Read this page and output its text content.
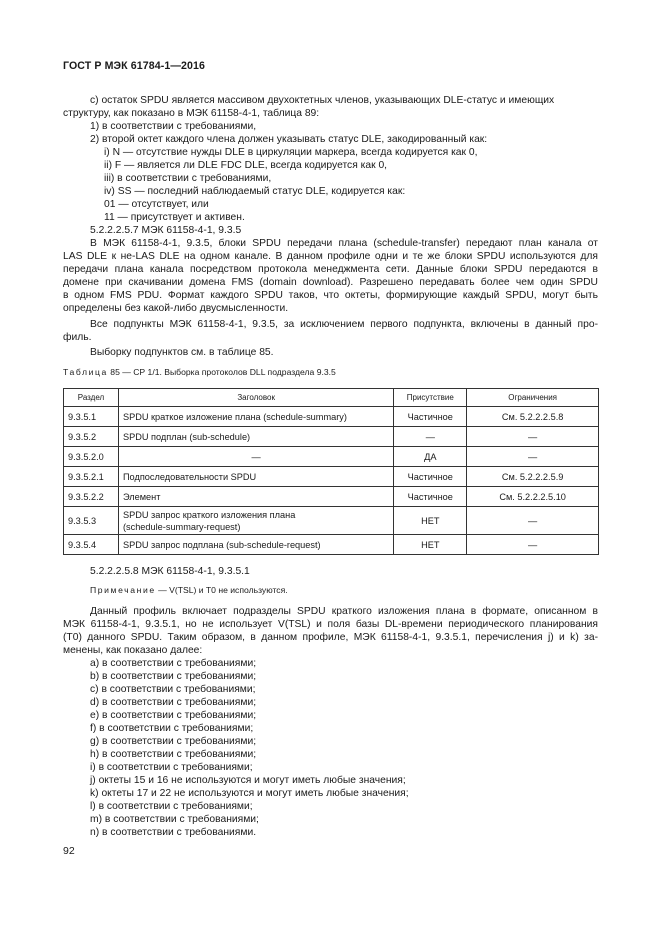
ГОСТ Р МЭК 61784-1—2016
с) остаток SPDU является массивом двухоктетных членов, указывающих DLE-статус и имеющих
структуру, как показано в МЭК 61158-4-1, таблица 89:
1) в соответствии с требованиями,
2) второй октет каждого члена должен указывать статус DLE, закодированный как:
i) N — отсутствие нужды DLE в циркуляции маркера, всегда кодируется как 0,
ii) F — является ли DLE FDC DLE, всегда кодируется как 0,
iii) в соответствии с требованиями,
iv) SS — последний наблюдаемый статус DLE, кодируется как:
01 — отсутствует, или
11 — присутствует и активен.
5.2.2.2.5.7 МЭК 61158-4-1, 9.3.5
В МЭК 61158-4-1, 9.3.5, блоки SPDU передачи плана (schedule-transfer) передают план канала от
LAS DLE к не-LAS DLE на одном канале. В данном профиле одни и те же блоки SPDU используются для
передачи плана канала посредством протокола менеджмента сети. Данные блоки SPDU передаются в
домене при скачивании домена FMS (domain download). Разрешено передавать более чем один SPDU
в одном FMS PDU. Формат каждого SPDU таков, что октеты, формирующие каждый SPDU, могут быть
определены без какой-либо двусмысленности.
Все подпункты МЭК 61158-4-1, 9.3.5, за исключением первого подпункта, включены в данный про-
филь.
Выборку подпунктов см. в таблице 85.
Таблица 85 — СР 1/1. Выборка протоколов DLL подраздела 9.3.5
Раздел	Заголовок	Присутствие	Ограничения
9.3.5.1	SPDU краткое изложение плана (schedule-summary)	Частичное	См. 5.2.2.2.5.8
9.3.5.2	SPDU подплан (sub-schedule)	—	—
9.3.5.2.0	—	ДА	—
9.3.5.2.1	Подпоследовательности SPDU	Частичное	См. 5.2.2.2.5.9
9.3.5.2.2	Элемент	Частичное	См. 5.2.2.2.5.10
9.3.5.3	SPDU запрос краткого изложения плана
(schedule-summary-request)	НЕТ	—
9.3.5.4	SPDU запрос подплана (sub-schedule-request)	НЕТ	—
5.2.2.2.5.8 МЭК 61158-4-1, 9.3.5.1
Примечание — V(TSL) и T0 не используются.
Данный профиль включает подразделы SPDU краткого изложения плана в формате, описанном в
МЭК 61158-4-1, 9.3.5.1, но не использует V(TSL) и поля базы DL-времени периодического планирования
(T0) данного SPDU. Таким образом, в данном профиле, МЭК 61158-4-1, 9.3.5.1, перечисления j) и k) за-
менены, как показано далее:
а) в соответствии с требованиями;
b) в соответствии с требованиями;
с) в соответствии с требованиями;
d) в соответствии с требованиями;
е) в соответствии с требованиями;
f) в соответствии с требованиями;
g) в соответствии с требованиями;
h) в соответствии с требованиями;
i) в соответствии с требованиями;
j) октеты 15 и 16 не используются и могут иметь любые значения;
k) октеты 17 и 22 не используются и могут иметь любые значения;
l) в соответствии с требованиями;
m) в соответствии с требованиями;
n) в соответствии с требованиями.
92
